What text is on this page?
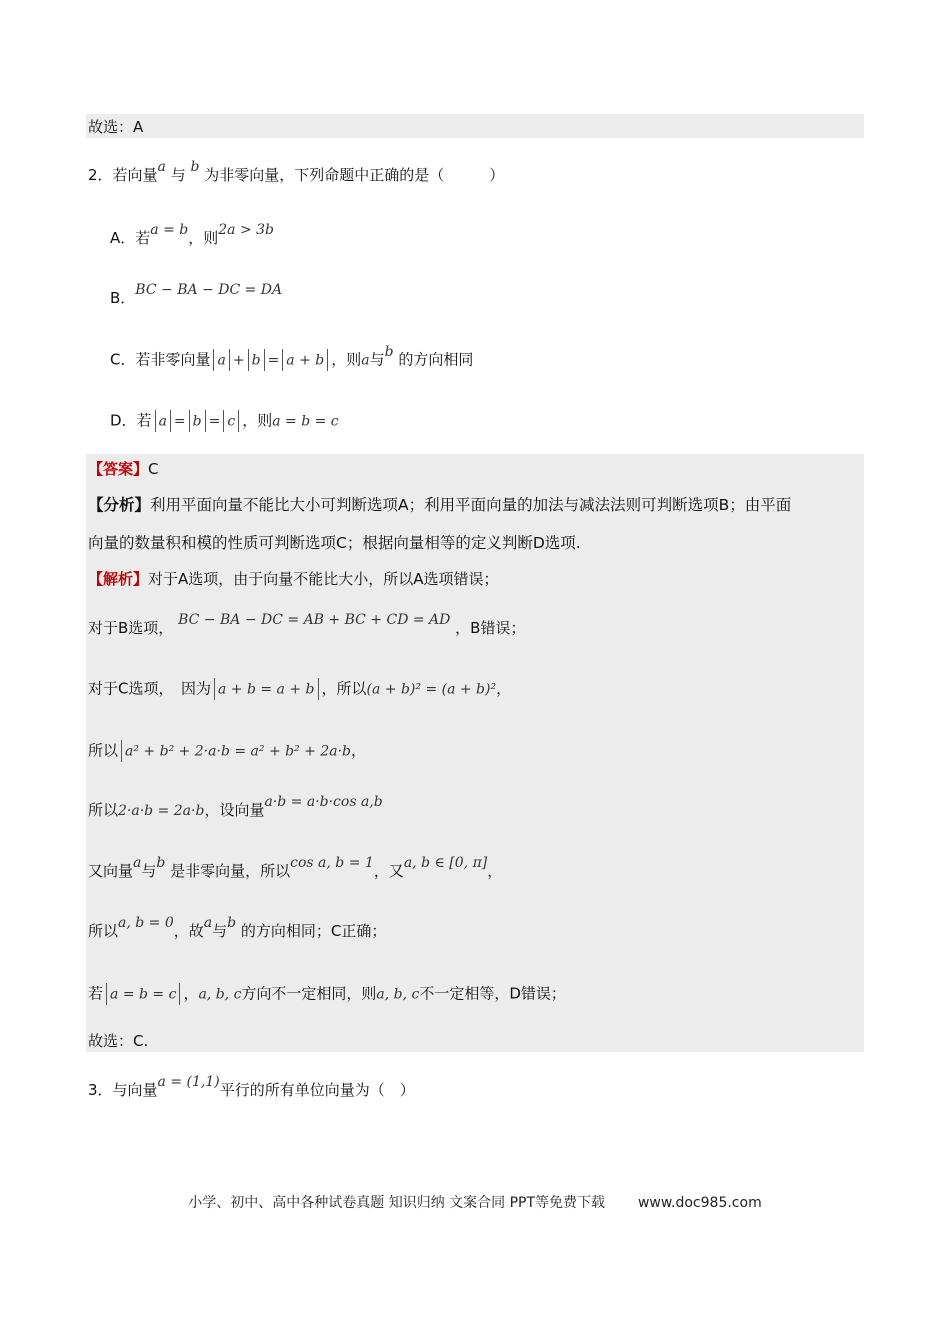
故选：A
2．若向量a 与 b 为非零向量，下列命题中正确的是（　　　）
A．若a = b，则2a > 3b
B．BC − BA − DC = DA
C．若非零向量 a + b = a + b ，则a与b 的方向相同
D．若 a = b = c ，则a = b = c
【答案】C
【分析】利用平面向量不能比大小可判断选项A；利用平面向量的加法与减法法则可判断选项B；由平面
向量的数量积和模的性质可判断选项C；根据向量相等的定义判断D选项.
【解析】对于A选项，由于向量不能比大小，所以A选项错误；
对于B选项， BC − BA − DC = AB + BC + CD = AD ，B错误；
对于C选项，　因为 a + b = a + b ，所以(a + b)² = (a + b)²，
所以 a² + b² + 2·a·b = a² + b² + 2a·b，
所以2·a·b = 2a·b，设向量a·b = a·b·cos a,b
又向量a与b 是非零向量，所以cos a, b = 1，又a, b ∈ [0, π]，
所以a, b = 0，故a与b 的方向相同；C正确；
若 a = b = c ，a, b, c方向不一定相同，则a, b, c不一定相等，D错误；
故选：C.
3．与向量a = (1,1)平行的所有单位向量为（　）
小学、初中、高中各种试卷真题 知识归纳 文案合同 PPT等免费下载 www.doc985.com
